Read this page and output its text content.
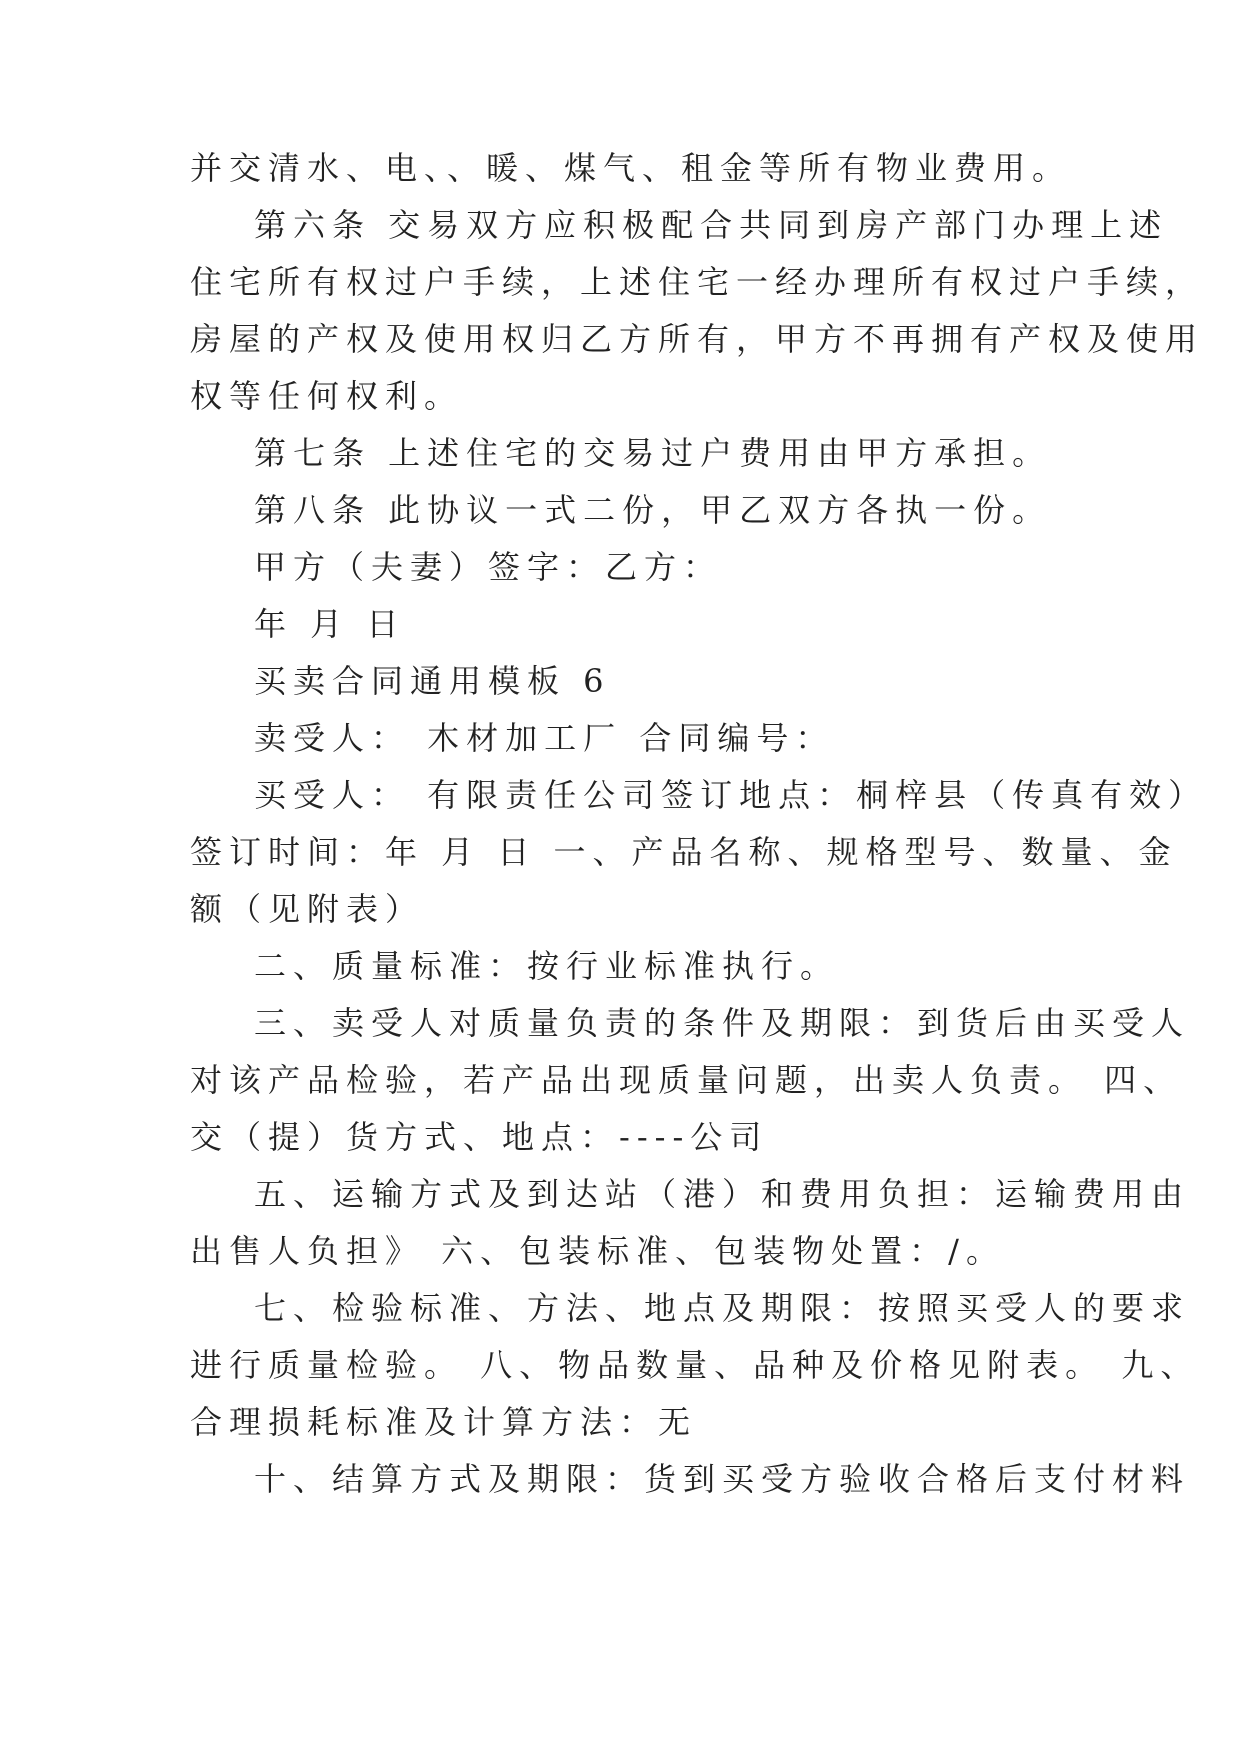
并交清水、电、、暖、煤气、租金等所有物业费用。
第六条 交易双方应积极配合共同到房产部门办理上述
住宅所有权过户手续，上述住宅一经办理所有权过户手续，
房屋的产权及使用权归乙方所有，甲方不再拥有产权及使用
权等任何权利。
第七条 上述住宅的交易过户费用由甲方承担。
第八条 此协议一式二份，甲乙双方各执一份。
甲方（夫妻）签字：乙方：
年 月 日
买卖合同通用模板 6
卖受人： 木材加工厂 合同编号：
买受人： 有限责任公司签订地点：桐梓县（传真有效）
签订时间：年 月 日 一、产品名称、规格型号、数量、金
额（见附表）
二、质量标准：按行业标准执行。
三、卖受人对质量负责的条件及期限：到货后由买受人
对该产品检验，若产品出现质量问题，出卖人负责。 四、
交（提）货方式、地点：----公司
五、运输方式及到达站（港）和费用负担：运输费用由
出售人负担》 六、包装标准、包装物处置：/。
七、检验标准、方法、地点及期限：按照买受人的要求
进行质量检验。 八、物品数量、品种及价格见附表。 九、
合理损耗标准及计算方法：无
十、结算方式及期限：货到买受方验收合格后支付材料
